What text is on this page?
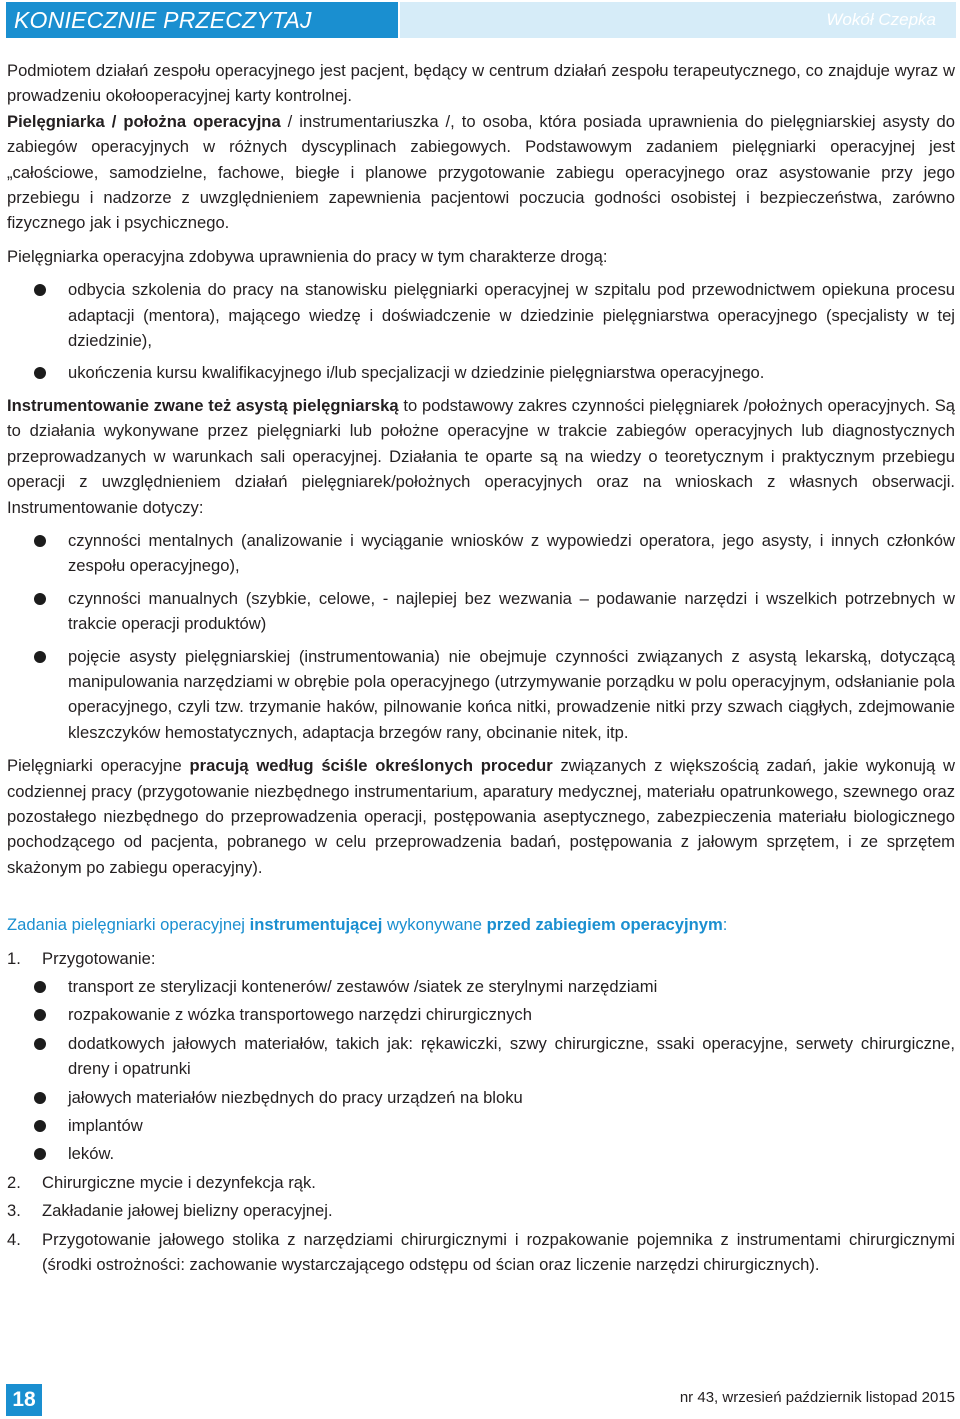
KONIECZNIE PRZECZYTAJ	Wokół Czepka

Podmiotem działań zespołu operacyjnego jest pacjent, będący w centrum działań zespołu terapeutycznego, co znajduje wyraz w prowadzeniu okołooperacyjnej karty kontrolnej.

Pielęgniarka / położna operacyjna / instrumentariuszka /, to osoba, która posiada uprawnienia do pielęgniarskiej asysty do zabiegów operacyjnych w różnych dyscyplinach zabiegowych. Podstawowym zadaniem pielęgniarki operacyjnej jest „całościowe, samodzielne, fachowe, biegłe i planowe przygotowanie zabiegu operacyjnego oraz asystowanie przy jego przebiegu i nadzorze z uwzględnieniem zapewnienia pacjentowi poczucia godności osobistej i bezpieczeństwa, zarówno fizycznego jak i psychicznego.

Pielęgniarka operacyjna zdobywa uprawnienia do pracy w tym charakterze drogą:

odbycia szkolenia do pracy na stanowisku pielęgniarki operacyjnej w szpitalu pod przewodnictwem opiekuna procesu adaptacji (mentora), mającego wiedzę i doświadczenie w dziedzinie pielęgniarstwa operacyjnego (specjalisty w tej dziedzinie),
ukończenia kursu kwalifikacyjnego i/lub specjalizacji w dziedzinie pielęgniarstwa operacyjnego.

Instrumentowanie zwane też asystą pielęgniarską to podstawowy zakres czynności pielęgniarek /położnych operacyjnych. Są to działania wykonywane przez pielęgniarki lub położne operacyjne w trakcie zabiegów operacyjnych lub diagnostycznych przeprowadzanych w warunkach sali operacyjnej. Działania te oparte są na wiedzy o teoretycznym i praktycznym przebiegu operacji z uwzględnieniem działań pielęgniarek/położnych operacyjnych oraz na wnioskach z własnych obserwacji. Instrumentowanie dotyczy:

czynności mentalnych (analizowanie i wyciąganie wniosków z wypowiedzi operatora, jego asysty, i innych członków zespołu operacyjnego),
czynności manualnych (szybkie, celowe, - najlepiej bez wezwania – podawanie narzędzi i wszelkich potrzebnych w trakcie operacji produktów)
pojęcie asysty pielęgniarskiej (instrumentowania) nie obejmuje czynności związanych z asystą lekarską, dotyczącą manipulowania narzędziami w obrębie pola operacyjnego (utrzymywanie porządku w polu operacyjnym, odsłanianie pola operacyjnego, czyli tzw. trzymanie haków, pilnowanie końca nitki, prowadzenie nitki przy szwach ciągłych, zdejmowanie kleszczyków hemostatycznych, adaptacja brzegów rany, obcinanie nitek, itp.

Pielęgniarki operacyjne pracują według ściśle określonych procedur związanych z większością zadań, jakie wykonują w codziennej pracy (przygotowanie niezbędnego instrumentarium, aparatury medycznej, materiału opatrunkowego, szewnego oraz pozostałego niezbędnego do przeprowadzenia operacji, postępowania aseptycznego, zabezpieczenia materiału biologicznego pochodzącego od pacjenta, pobranego w celu przeprowadzenia badań, postępowania z jałowym sprzętem, i ze sprzętem skażonym po zabiegu operacyjny).

Zadania pielęgniarki operacyjnej instrumentującej wykonywane przed zabiegiem operacyjnym:

1. Przygotowanie:
transport ze sterylizacji kontenerów/ zestawów /siatek ze sterylnymi narzędziami
rozpakowanie z wózka transportowego narzędzi chirurgicznych
dodatkowych jałowych materiałów, takich jak: rękawiczki, szwy chirurgiczne, ssaki operacyjne, serwety chirurgiczne, dreny i opatrunki
jałowych materiałów niezbędnych do pracy urządzeń na bloku
implantów
leków.
2. Chirurgiczne mycie i dezynfekcja rąk.
3. Zakładanie jałowej bielizny operacyjnej.
4. Przygotowanie jałowego stolika z narzędziami chirurgicznymi i rozpakowanie pojemnika z instrumentami chirurgicznymi (środki ostrożności: zachowanie wystarczającego odstępu od ścian oraz liczenie narzędzi chirurgicznych).
18	nr 43, wrzesień październik listopad 2015
